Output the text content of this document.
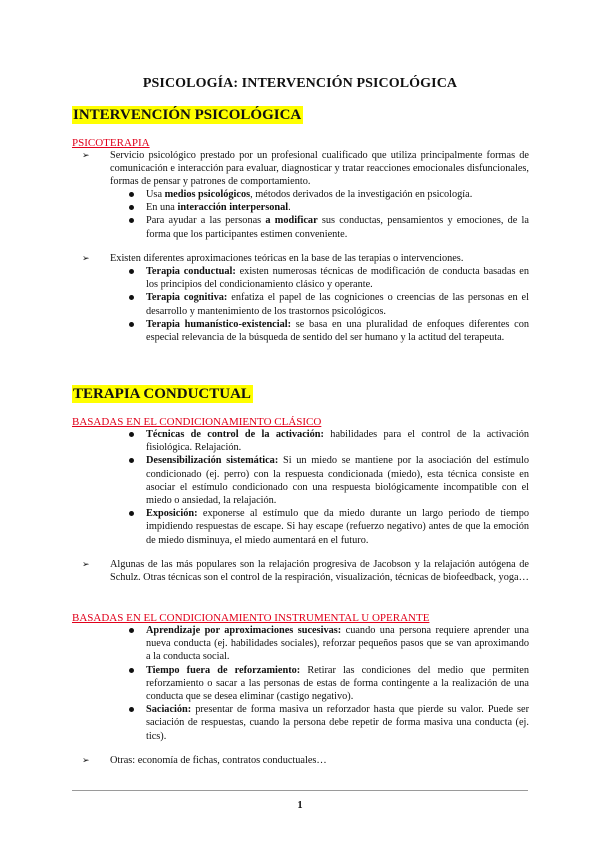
PSICOLOGÍA: INTERVENCIÓN PSICOLÓGICA
INTERVENCIÓN PSICOLÓGICA
PSICOTERAPIA
➢	Servicio psicológico prestado por un profesional cualificado que utiliza principalmente formas de comunicación e interacción para evaluar, diagnosticar y tratar reacciones emocionales disfuncionales, formas de pensar y patrones de comportamiento.
Usa medios psicológicos, métodos derivados de la investigación en psicología.
En una interacción interpersonal.
Para ayudar a las personas a modificar sus conductas, pensamientos y emociones, de la forma que los participantes estimen conveniente.
➢	Existen diferentes aproximaciones teóricas en la base de las terapias o intervenciones.
Terapia conductual: existen numerosas técnicas de modificación de conducta basadas en los principios del condicionamiento clásico y operante.
Terapia cognitiva: enfatiza el papel de las cogniciones o creencias de las personas en el desarrollo y mantenimiento de los trastornos psicológicos.
Terapia humanístico-existencial: se basa en una pluralidad de enfoques diferentes con especial relevancia de la búsqueda de sentido del ser humano y la actitud del terapeuta.
TERAPIA CONDUCTUAL
BASADAS EN EL CONDICIONAMIENTO CLÁSICO
Técnicas de control de la activación: habilidades para el control de la activación fisiológica. Relajación.
Desensibilización sistemática: Si un miedo se mantiene por la asociación del estímulo condicionado (ej. perro) con la respuesta condicionada (miedo), esta técnica consiste en asociar el estímulo condicionado con una respuesta biológicamente incompatible con el miedo o ansiedad, la relajación.
Exposición: exponerse al estímulo que da miedo durante un largo periodo de tiempo impidiendo respuestas de escape. Si hay escape (refuerzo negativo) antes de que la emoción de miedo disminuya, el miedo aumentará en el futuro.
➢	Algunas de las más populares son la relajación progresiva de Jacobson y la relajación autógena de Schulz. Otras técnicas son el control de la respiración, visualización, técnicas de biofeedback, yoga…
BASADAS EN EL CONDICIONAMIENTO INSTRUMENTAL U OPERANTE
Aprendizaje por aproximaciones sucesivas: cuando una persona requiere aprender una nueva conducta (ej. habilidades sociales), reforzar pequeños pasos que se van aproximando a la conducta social.
Tiempo fuera de reforzamiento: Retirar las condiciones del medio que permiten reforzamiento o sacar a las personas de estas de forma contingente a la realización de una conducta que se desea eliminar (castigo negativo).
Saciación: presentar de forma masiva un reforzador hasta que pierde su valor. Puede ser saciación de respuestas, cuando la persona debe repetir de forma masiva una conducta (ej. tics).
➢	Otras: economía de fichas, contratos conductuales…
1
